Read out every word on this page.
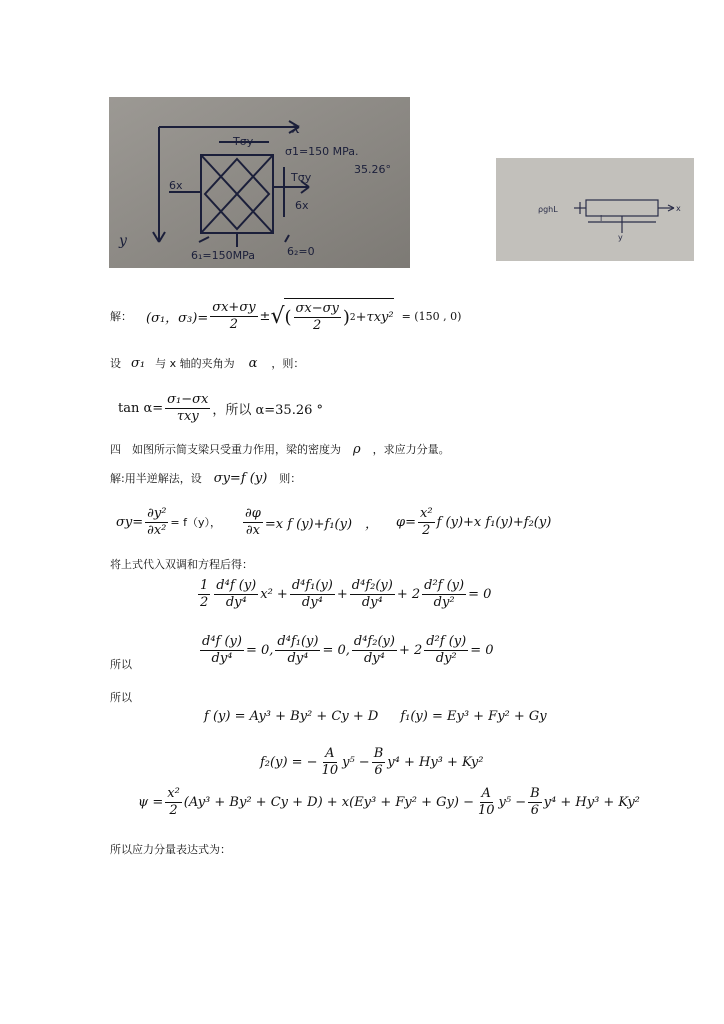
x
y
Tσy
σ1=150 MPa.
35.26°
6x
Tσy
6x
6₁=150MPa	6₂=0
ρghL	x
y
l
解： (σ₁，$\sigma_3)= \frac{\sigma x+\sigma y}{2}$ ± √ ( $\frac{\sigma x-\sigma y}{2}$ ) 2 +τxy² = (150 , 0)
设 σ₁ 与 x 轴的夹角为 α ，则：
$\tan \alpha= \frac{\text{σ₁−σx}}{\text{τxy}}$ ，所以 α=35.26 °
四　如图所示简支梁只受重力作用，梁的密度为 ρ ，求应力分量。
解:用半逆解法，设 σy=f (y) 则：
$\sigma y= \frac{\text{∂y²}}{\text{∂x²}} = f(y)$， $\frac{\partial\varphi}{\partial x} =x$ f (y)+f₁(y)　， $\varphi= \frac{\text{x²}}{2}$ f (y)+x f₁(y)+f₂(y)
将上式代入双调和方程后得：
$\frac{1}{2} \frac{\text{d⁴f (y)}}{\text{dy⁴}} x^2 + \frac{\text{d⁴f₁(y)}}{\text{dy⁴}} + \frac{\text{d⁴f₂(y)}}{\text{dy⁴}} + 2 \frac{\text{d²f (y)}}{\text{dy²}} = 0$
所以	$\frac{\text{d⁴f (y)}}{\text{dy⁴}} = 0$, $\frac{\text{d⁴f₁(y)}}{\text{dy⁴}} = 0$, $\frac{\text{d⁴f₂(y)}}{\text{dy⁴}} + 2 \frac{\text{d²f (y)}}{\text{dy²}} = 0$
所以
f (y) = Ay³ + By² + Cy + D f₁(y) = Ey³ + Fy² + Gy
f₂(y) = − $\frac{A}{10} y^5 - \frac{B}{6} y^4 + Hy^3 + Ky^2$
$\psi = \frac{\text{x²}}{2} (Ay^3 + By^2 + Cy + D) + x(Ey^3 + Fy^2 + Gy) - \frac{A}{10} y^5 - \frac{B}{6} y^4 + Hy^3 + Ky^2$
所以应力分量表达式为：
